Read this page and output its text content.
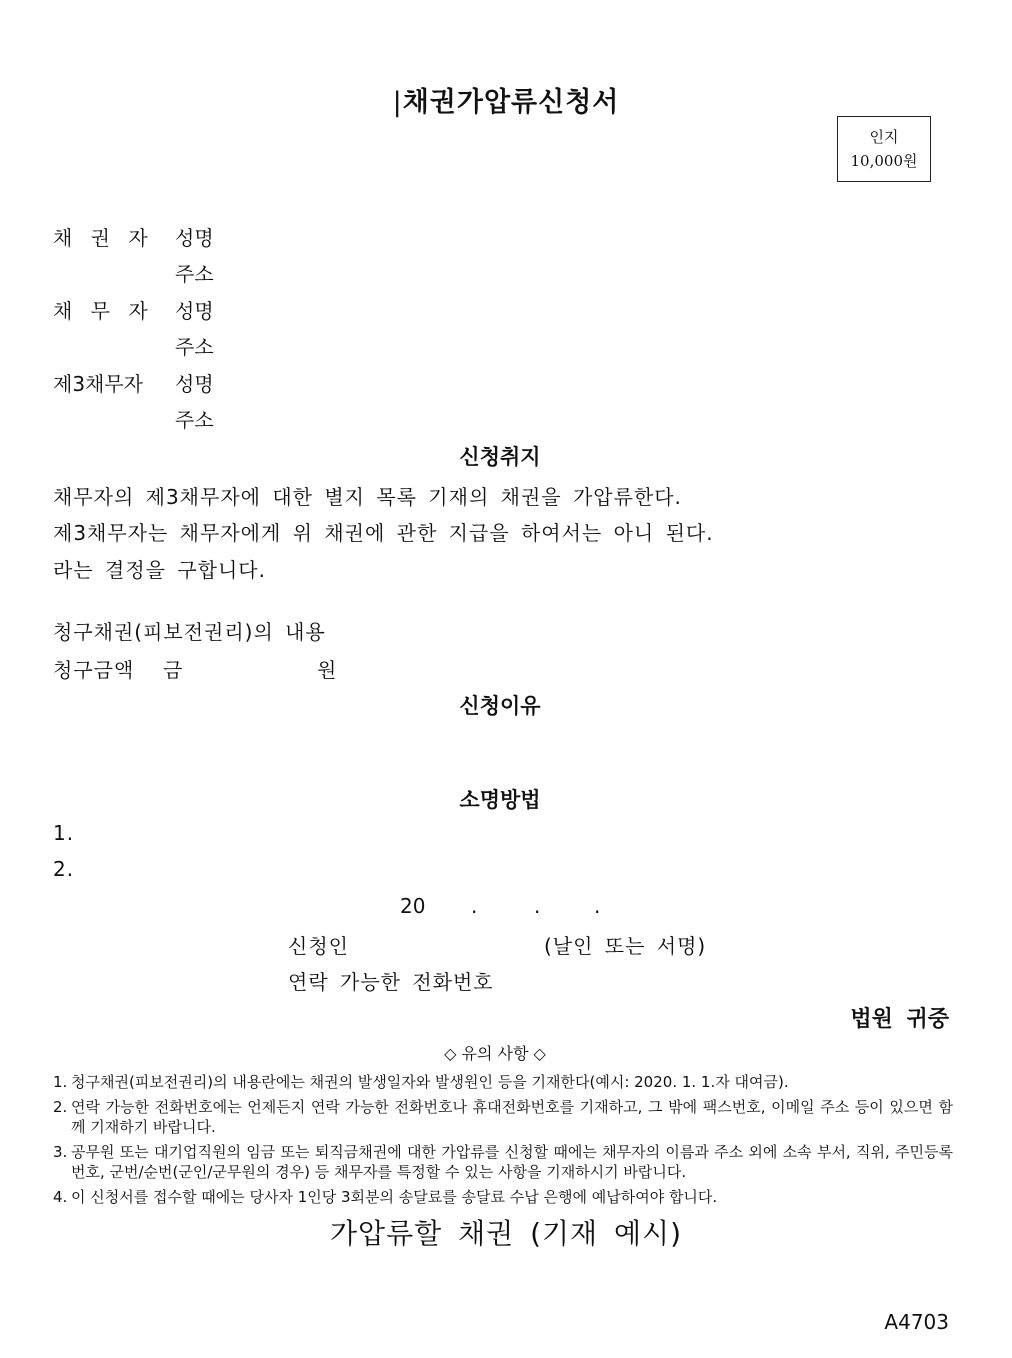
|채권가압류신청서
인지
10,000원
채 권 자 성명
주소
채 무 자 성명
주소
제3채무자 성명
주소
신청취지
채무자의 제3채무자에 대한 별지 목록 기재의 채권을 가압류한다.
제3채무자는 채무자에게 위 채권에 관한 지급을 하여서는 아니 된다.
라는 결정을 구합니다.
청구채권(피보전권리)의 내용
청구금액 금	원
신청이유
소명방법
1.
2.
20 .	.	.
신청인	(날인 또는 서명)
연락 가능한 전화번호
법원 귀중
◇ 유의 사항 ◇
1. 청구채권(피보전권리)의 내용란에는 채권의 발생일자와 발생원인 등을 기재한다(예시: 2020. 1. 1.자 대여금).
2. 연락 가능한 전화번호에는 언제든지 연락 가능한 전화번호나 휴대전화번호를 기재하고, 그 밖에 팩스번호, 이메일 주소 등이 있으면 함께 기재하기 바랍니다.
3. 공무원 또는 대기업직원의 임금 또는 퇴직금채권에 대한 가압류를 신청할 때에는 채무자의 이름과 주소 외에 소속 부서, 직위, 주민등록번호, 군번/순번(군인/군무원의 경우) 등 채무자를 특정할 수 있는 사항을 기재하시기 바랍니다.
4. 이 신청서를 접수할 때에는 당사자 1인당 3회분의 송달료를 송달료 수납 은행에 예납하여야 합니다.
가압류할 채권 (기재 예시)
A4703
